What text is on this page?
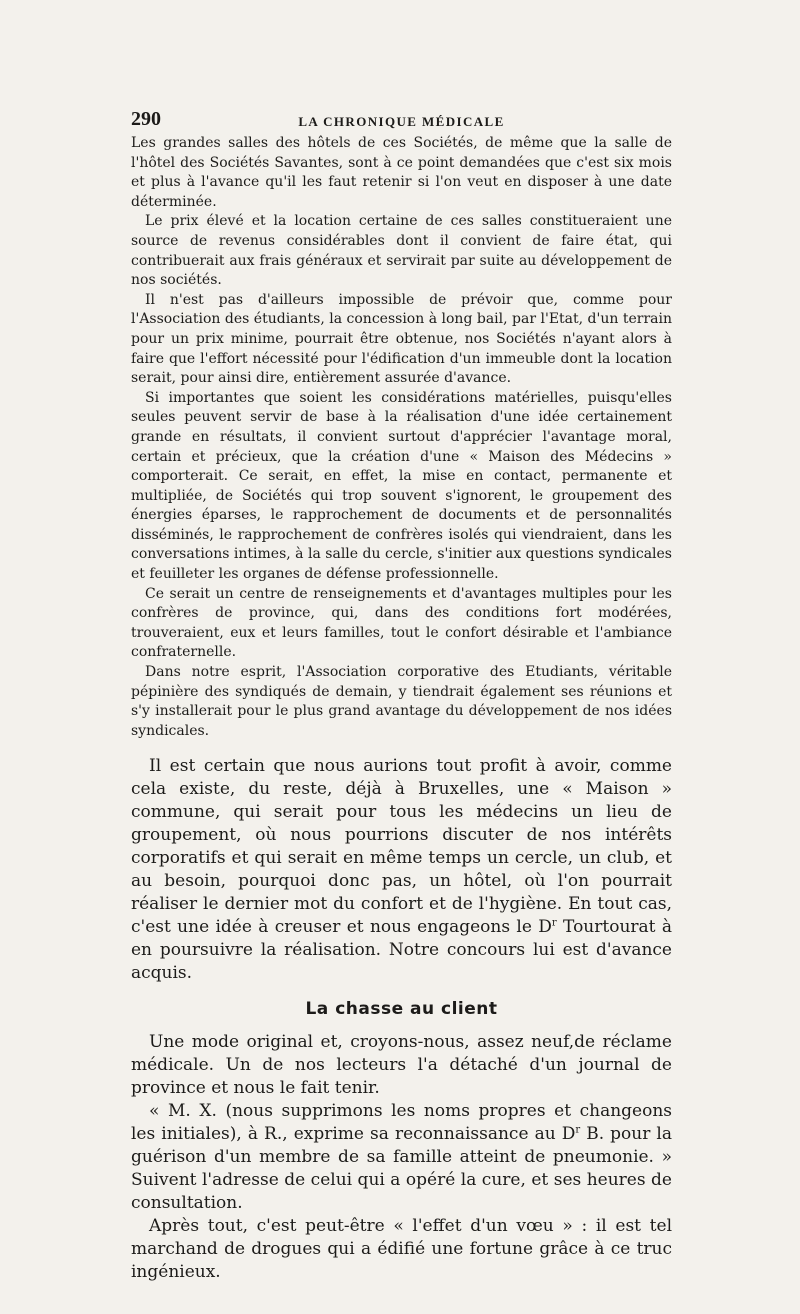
290	LA CHRONIQUE MÉDICALE

Les grandes salles des hôtels de ces Sociétés, de même que la salle de l'hôtel des Sociétés Savantes, sont à ce point demandées que c'est six mois et plus à l'avance qu'il les faut retenir si l'on veut en disposer à une date déterminée.

Le prix élevé et la location certaine de ces salles constitueraient une source de revenus considérables dont il convient de faire état, qui contribuerait aux frais généraux et servirait par suite au développement de nos sociétés.

Il n'est pas d'ailleurs impossible de prévoir que, comme pour l'Association des étudiants, la concession à long bail, par l'Etat, d'un terrain pour un prix minime, pourrait être obtenue, nos Sociétés n'ayant alors à faire que l'effort nécessité pour l'édification d'un immeuble dont la location serait, pour ainsi dire, entièrement assurée d'avance.

Si importantes que soient les considérations matérielles, puisqu'elles seules peuvent servir de base à la réalisation d'une idée certainement grande en résultats, il convient surtout d'apprécier l'avantage moral, certain et précieux, que la création d'une « Maison des Médecins » comporterait. Ce serait, en effet, la mise en contact, permanente et multipliée, de Sociétés qui trop souvent s'ignorent, le groupement des énergies éparses, le rapprochement de documents et de personnalités disséminés, le rapprochement de confrères isolés qui viendraient, dans les conversations intimes, à la salle du cercle, s'initier aux questions syndicales et feuilleter les organes de défense professionnelle.

Ce serait un centre de renseignements et d'avantages multiples pour les confrères de province, qui, dans des conditions fort modérées, trouveraient, eux et leurs familles, tout le confort désirable et l'ambiance confraternelle.

Dans notre esprit, l'Association corporative des Etudiants, véritable pépinière des syndiqués de demain, y tiendrait également ses réunions et s'y installerait pour le plus grand avantage du développement de nos idées syndicales.

Il est certain que nous aurions tout profit à avoir, comme cela existe, du reste, déjà à Bruxelles, une « Maison » commune, qui serait pour tous les médecins un lieu de groupement, où nous pourrions discuter de nos intérêts corporatifs et qui serait en même temps un cercle, un club, et au besoin, pourquoi donc pas, un hôtel, où l'on pourrait réaliser le dernier mot du confort et de l'hygiène. En tout cas, c'est une idée à creuser et nous engageons le $D^r$ Tourtourat à en poursuivre la réalisation. Notre concours lui est d'avance acquis.

La chasse au client

Une mode original et, croyons-nous, assez neuf,de réclame médicale. Un de nos lecteurs l'a détaché d'un journal de province et nous le fait tenir.

« M. X. (nous supprimons les noms propres et changeons les initiales), à R., exprime sa reconnaissance au $D^r$ B. pour la guérison d'un membre de sa famille atteint de pneumonie. » Suivent l'adresse de celui qui a opéré la cure, et ses heures de consultation.

Après tout, c'est peut-être « l'effet d'un vœu » : il est tel marchand de drogues qui a édifié une fortune grâce à ce truc ingénieux.
